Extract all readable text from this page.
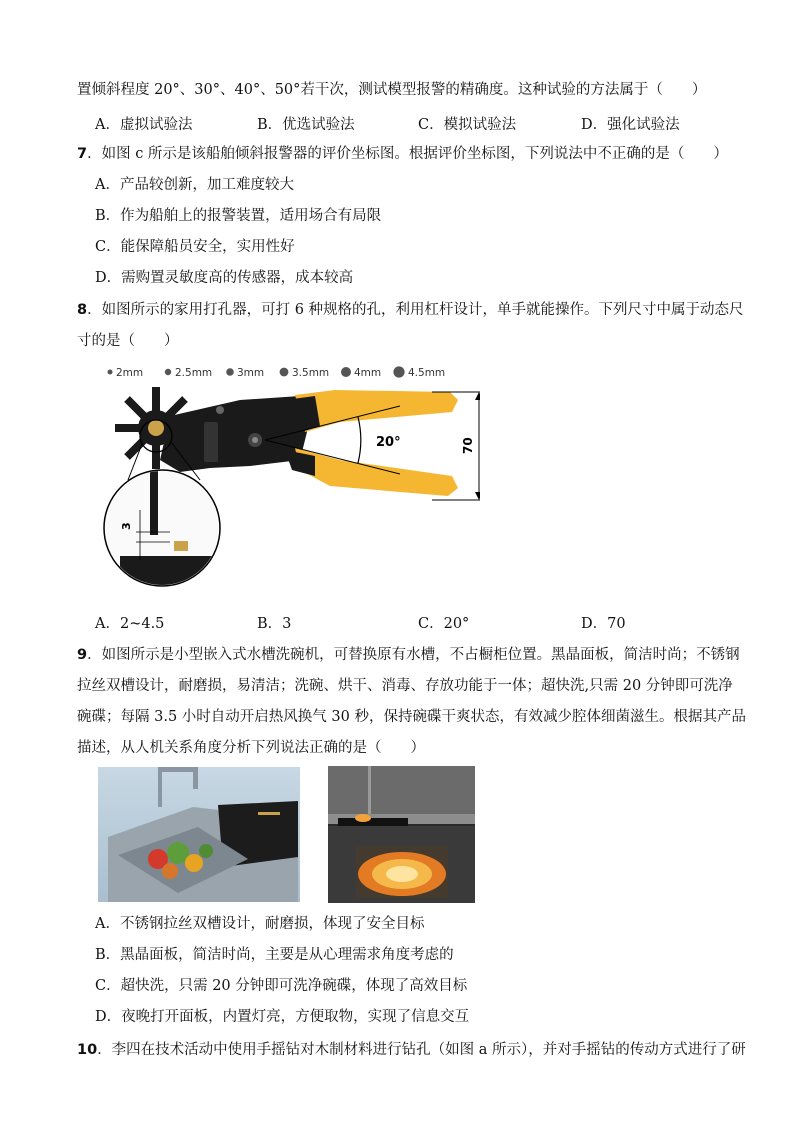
置倾斜程度 20°、30°、40°、50°若干次，测试模型报警的精确度。这种试验的方法属于（　　）
A．虚拟试验法	B．优选试验法	C．模拟试验法	D．强化试验法
7．如图 c 所示是该船舶倾斜报警器的评价坐标图。根据评价坐标图，下列说法中不正确的是（　　）
A．产品较创新，加工难度较大
B．作为船舶上的报警装置，适用场合有局限
C．能保障船员安全，实用性好
D．需购置灵敏度高的传感器，成本较高
8．如图所示的家用打孔器，可打 6 种规格的孔，利用杠杆设计，单手就能操作。下列尺寸中属于动态尺
寸的是（　　）
2mm	2.5mm 3mm	3.5mm 4mm	4.5mm
20°	70
3
A．2~4.5	B．3	C．20°	D．70
9．如图所示是小型嵌入式水槽洗碗机，可替换原有水槽，不占橱柜位置。黑晶面板，简洁时尚；不锈钢
拉丝双槽设计，耐磨损，易清洁；洗碗、烘干、消毒、存放功能于一体；超快洗,只需 20 分钟即可洗净
碗碟；每隔 3.5 小时自动开启热风换气 30 秒，保持碗碟干爽状态，有效减少腔体细菌滋生。根据其产品
描述，从人机关系角度分析下列说法正确的是（　　）
A．不锈钢拉丝双槽设计，耐磨损，体现了安全目标
B．黑晶面板，简洁时尚，主要是从心理需求角度考虑的
C．超快洗，只需 20 分钟即可洗净碗碟，体现了高效目标
D．夜晚打开面板，内置灯亮，方便取物，实现了信息交互
10．李四在技术活动中使用手摇钻对木制材料进行钻孔（如图 a 所示），并对手摇钻的传动方式进行了研
